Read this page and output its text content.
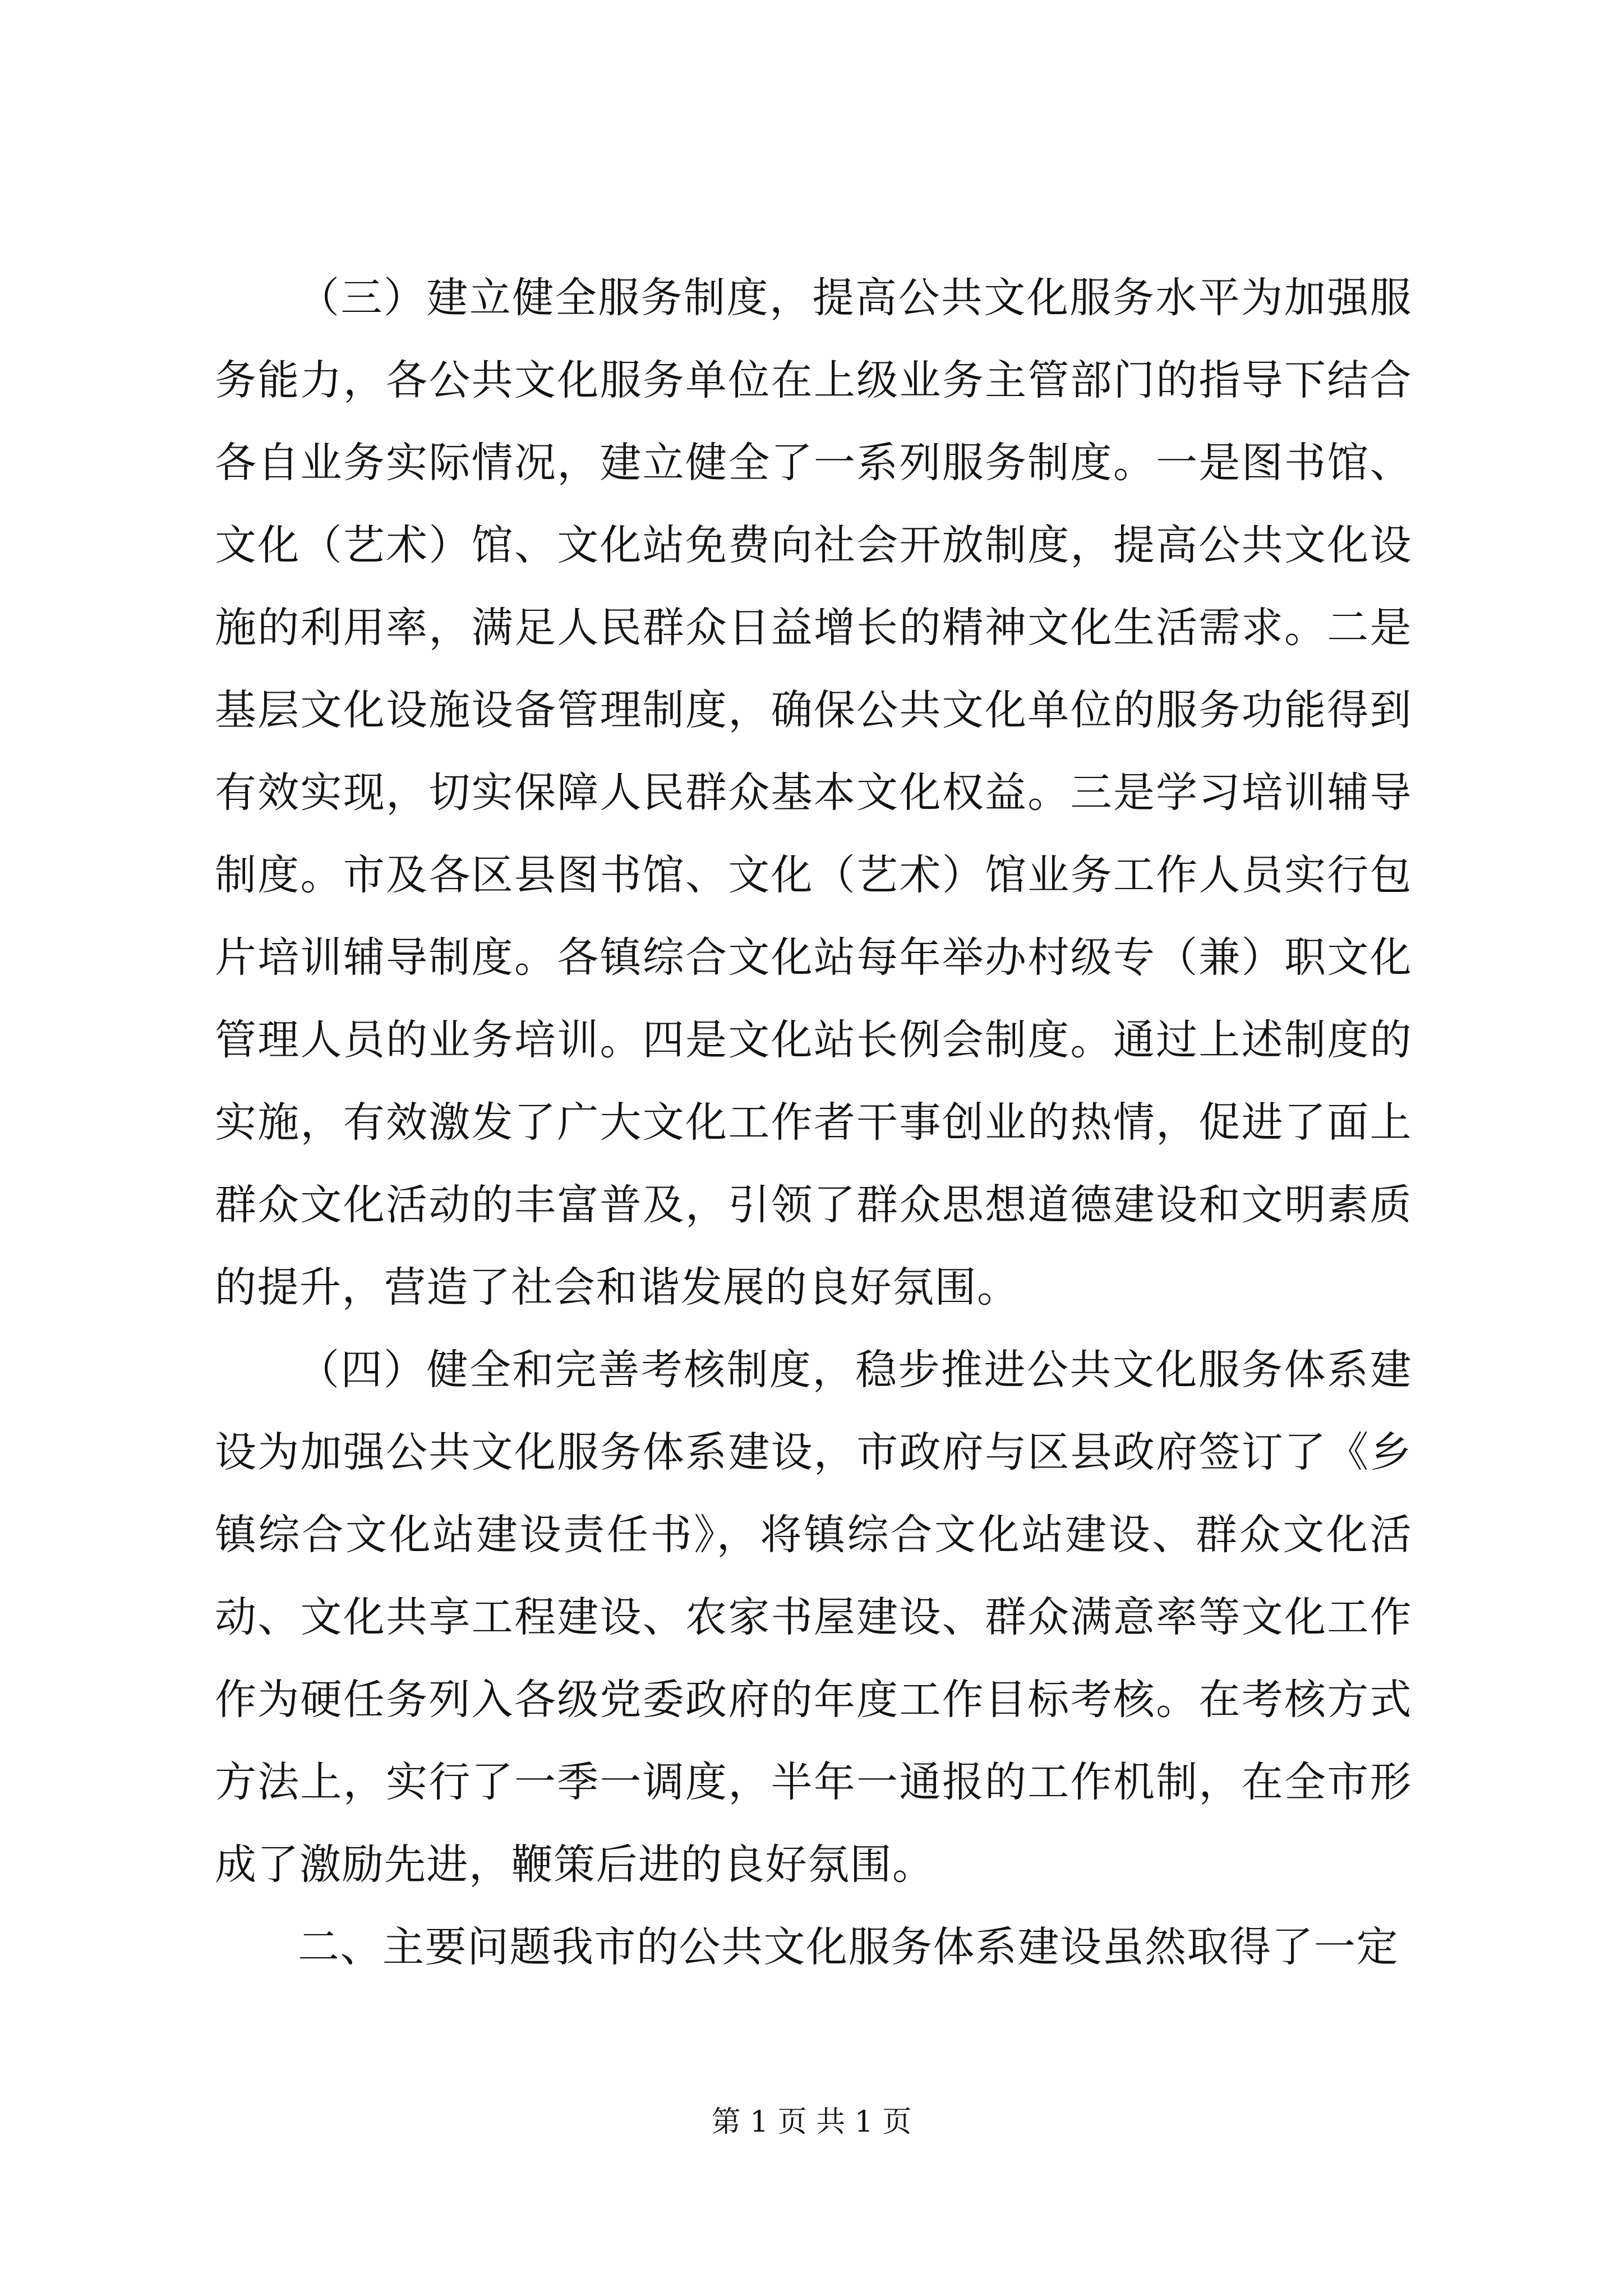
（三）建立健全服务制度，提高公共文化服务水平为加强服务能力，各公共文化服务单位在上级业务主管部门的指导下结合各自业务实际情况，建立健全了一系列服务制度。一是图书馆、文化（艺术）馆、文化站免费向社会开放制度，提高公共文化设施的利用率，满足人民群众日益增长的精神文化生活需求。二是基层文化设施设备管理制度，确保公共文化单位的服务功能得到有效实现，切实保障人民群众基本文化权益。三是学习培训辅导制度。市及各区县图书馆、文化（艺术）馆业务工作人员实行包片培训辅导制度。各镇综合文化站每年举办村级专（兼）职文化管理人员的业务培训。四是文化站长例会制度。通过上述制度的实施，有效激发了广大文化工作者干事创业的热情，促进了面上群众文化活动的丰富普及，引领了群众思想道德建设和文明素质的提升，营造了社会和谐发展的良好氛围。

（四）健全和完善考核制度，稳步推进公共文化服务体系建设为加强公共文化服务体系建设，市政府与区县政府签订了《乡镇综合文化站建设责任书》，将镇综合文化站建设、群众文化活动、文化共享工程建设、农家书屋建设、群众满意率等文化工作作为硬任务列入各级党委政府的年度工作目标考核。在考核方式方法上，实行了一季一调度，半年一通报的工作机制，在全市形成了激励先进，鞭策后进的良好氛围。

二、主要问题我市的公共文化服务体系建设虽然取得了一定

第 1 页 共 1 页
